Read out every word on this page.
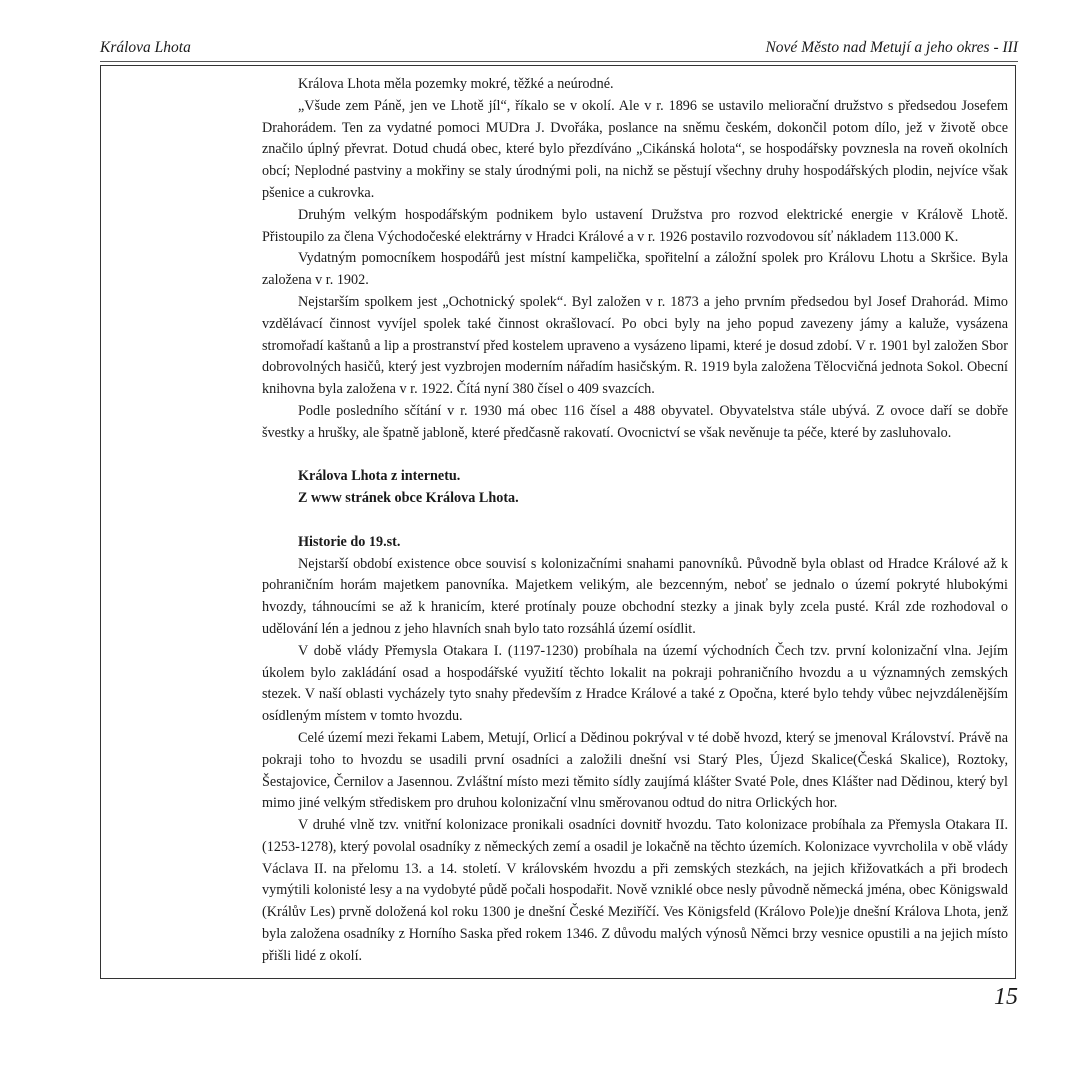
Králova Lhota	Nové Město nad Metují a jeho okres - III

Králova Lhota měla pozemky mokré, těžké a neúrodné.

„Všude zem Páně, jen ve Lhotě jíl“, říkalo se v okolí. Ale v r. 1896 se ustavilo meliorační družstvo s předsedou Josefem Drahorádem. Ten za vydatné pomoci MUDra J. Dvořáka, poslance na sněmu českém, dokončil potom dílo, jež v životě obce značilo úplný převrat. Dotud chudá obec, které bylo přezdíváno „Cikánská holota“, se hospodářsky povznesla na roveň okolních obcí; Neplodné pastviny a mokřiny se staly úrodnými poli, na nichž se pěstují všechny druhy hospodářských plodin, nejvíce však pšenice a cukrovka.

Druhým velkým hospodářským podnikem bylo ustavení Družstva pro rozvod elektrické energie v Králově Lhotě. Přistoupilo za člena Východočeské elektrárny v Hradci Králové a v r. 1926 postavilo rozvodovou síť nákladem 113.000 K.

Vydatným pomocníkem hospodářů jest místní kampelička, spořitelní a záložní spolek pro Královu Lhotu a Skršice. Byla založena v r. 1902.

Nejstarším spolkem jest „Ochotnický spolek“. Byl založen v r. 1873 a jeho prvním předsedou byl Josef Drahorád. Mimo vzdělávací činnost vyvíjel spolek také činnost okrašlovací. Po obci byly na jeho popud zavezeny jámy a kaluže, vysázena stromořadí kaštanů a lip a prostranství před kostelem upraveno a vysázeno lipami, které je dosud zdobí. V r. 1901 byl založen Sbor dobrovolných hasičů, který jest vyzbrojen moderním nářadím hasičským. R. 1919 byla založena Tělocvičná jednota Sokol. Obecní knihovna byla založena v r. 1922. Čítá nyní 380 čísel o 409 svazcích.

Podle posledního sčítání v r. 1930 má obec 116 čísel a 488 obyvatel. Obyvatelstva stále ubývá. Z ovoce daří se dobře švestky a hrušky, ale špatně jabloně, které předčasně rakovatí. Ovocnictví se však nevěnuje ta péče, které by zasluhovalo.

Králova Lhota z internetu.

Z www stránek obce Králova Lhota.

Historie do 19.st.

Nejstarší období existence obce souvisí s kolonizačními snahami panovníků. Původně byla oblast od Hradce Králové až k pohraničním horám majetkem panovníka. Majetkem velikým, ale bezcenným, neboť se jednalo o území pokryté hlubokými hvozdy, táhnoucími se až k hranicím, které protínaly pouze obchodní stezky a jinak byly zcela pusté. Král zde rozhodoval o udělování lén a jednou z jeho hlavních snah bylo tato rozsáhlá území osídlit.

V době vlády Přemysla Otakara I. (1197-1230) probíhala na území východních Čech tzv. první kolonizační vlna. Jejím úkolem bylo zakládání osad a hospodářské využití těchto lokalit na pokraji pohraničního hvozdu a u významných zemských stezek. V naší oblasti vycházely tyto snahy především z Hradce Králové a také z Opočna, které bylo tehdy vůbec nejvzdálenějším osídleným místem v tomto hvozdu.

Celé území mezi řekami Labem, Metují, Orlicí a Dědinou pokrýval v té době hvozd, který se jmenoval Království. Právě na pokraji toho to hvozdu se usadili první osadníci a založili dnešní vsi Starý Ples, Újezd Skalice(Česká Skalice), Roztoky, Šestajovice, Černilov a Jasennou. Zvláštní místo mezi těmito sídly zaujímá klášter Svaté Pole, dnes Klášter nad Dědinou, který byl mimo jiné velkým střediskem pro druhou kolonizační vlnu směrovanou odtud do nitra Orlických hor.

V druhé vlně tzv. vnitřní kolonizace pronikali osadníci dovnitř hvozdu. Tato kolonizace probíhala za Přemysla Otakara II.(1253-1278), který povolal osadníky z německých zemí a osadil je lokačně na těchto územích. Kolonizace vyvrcholila v obě vlády Václava II. na přelomu 13. a 14. století. V královském hvozdu a při zemských stezkách, na jejich křižovatkách a při brodech vymýtili kolonisté lesy a na vydobyté půdě počali hospodařit. Nově vzniklé obce nesly původně německá jména, obec Königswald (Králův Les) prvně doložená kol roku 1300 je dnešní České Meziříčí. Ves Königsfeld (Královo Pole)je dnešní Králova Lhota, jenž byla založena osadníky z Horního Saska před rokem 1346. Z důvodu malých výnosů Němci brzy vesnice opustili a na jejich místo přišli lidé z okolí.

15
